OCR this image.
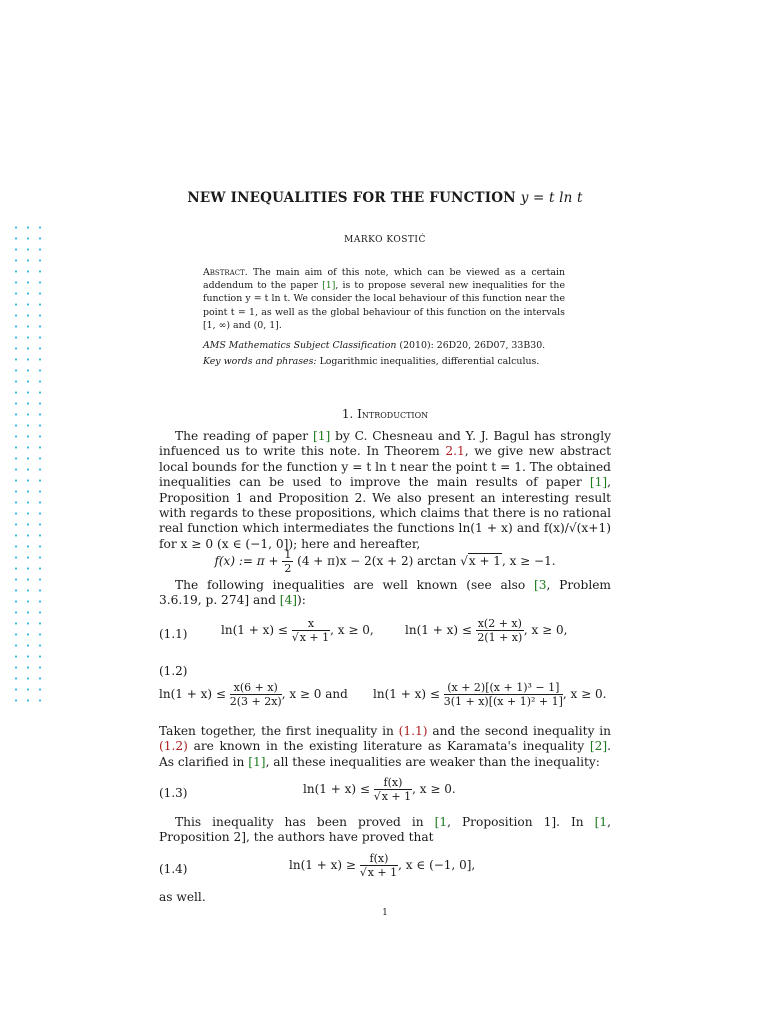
NEW INEQUALITIES FOR THE FUNCTION y = t ln t
MARKO KOSTIĆ

Abstract. The main aim of this note, which can be viewed as a certain addendum to the paper [1], is to propose several new inequalities for the function y = t ln t. We consider the local behaviour of this function near the point t = 1, as well as the global behaviour of this function on the intervals [1, ∞) and (0, 1].

AMS Mathematics Subject Classification (2010): 26D20, 26D07, 33B30.

Key words and phrases: Logarithmic inequalities, differential calculus.

1. Introduction

The reading of paper [1] by C. Chesneau and Y. J. Bagul has strongly infuenced us to write this note. In Theorem 2.1, we give new abstract local bounds for the function y = t ln t near the point t = 1. The obtained inequalities can be used to improve the main results of paper [1], Proposition 1 and Proposition 2. We also present an interesting result with regards to these propositions, which claims that there is no rational real function which intermediates the functions ln(1 + x) and f(x)/√(x+1) for x ≥ 0 (x ∈ (−1, 0]); here and hereafter,

f(x) := $\pi + \frac{1}{2} (4 + \pi)x - 2(x + 2)$ arctan √x + 1, x ≥ −1.

The following inequalities are well known (see also [3, Problem 3.6.19, p. 274] and [4]):

(1.1)	$\ln(1 + x) \le \frac{x}{√x + 1}$ , x ≥ 0,	$\ln(1 + x) \le \frac{x(2 + x)}{2(1 + x)}$ , x ≥ 0,
(1.2)
$\ln(1 + x) \le \frac{x(6 + x)}{2(3 + 2x)}$ , x ≥ 0 and $\ln(1 + x) \le \frac{\text{(x + 2)[(x + 1)³ − 1]}}{\text{3(1 + x)[(x + 1)² + 1]}}$ , x ≥ 0.

Taken together, the first inequality in (1.1) and the second inequality in (1.2) are known in the existing literature as Karamata's inequality [2]. As clarified in [1], all these inequalities are weaker than the inequality:

(1.3)	$\ln(1 + x) \le \frac{f(x)}{√x + 1}$ , x ≥ 0.

This inequality has been proved in [1, Proposition 1]. In [1, Proposition 2], the authors have proved that

(1.4)	$\ln(1 + x) \ge \frac{f(x)}{√x + 1}$ , x ∈ (−1, 0],

as well.

1
